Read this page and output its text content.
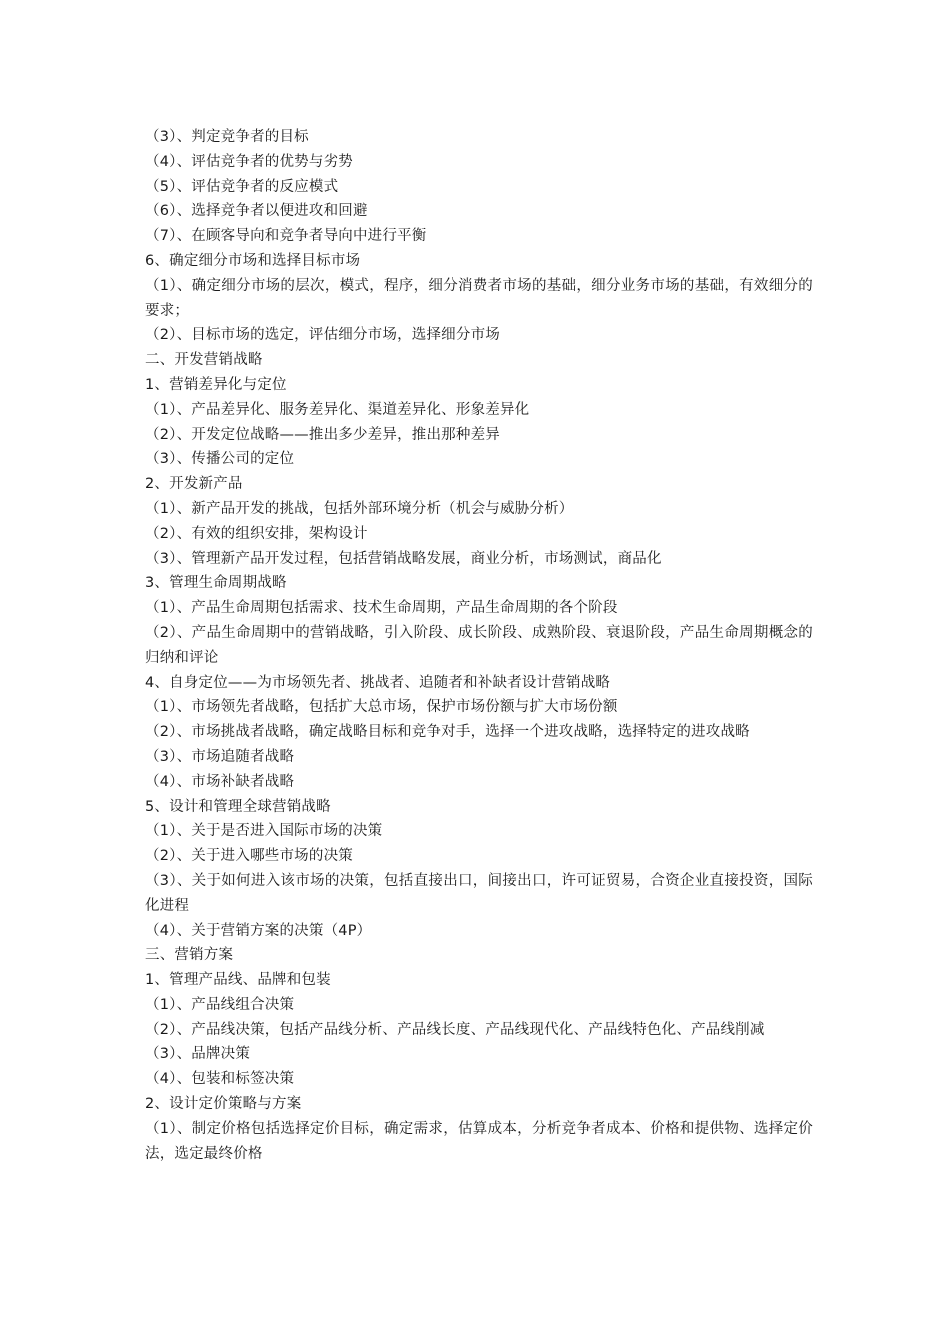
（3）、判定竞争者的目标

（4）、评估竞争者的优势与劣势

（5）、评估竞争者的反应模式

（6）、选择竞争者以便进攻和回避

（7）、在顾客导向和竞争者导向中进行平衡

6、确定细分市场和选择目标市场

（1）、确定细分市场的层次，模式，程序，细分消费者市场的基础，细分业务市场的基础，有效细分的要求；

（2）、目标市场的选定，评估细分市场，选择细分市场

二、开发营销战略

1、营销差异化与定位

（1）、产品差异化、服务差异化、渠道差异化、形象差异化

（2）、开发定位战略——推出多少差异，推出那种差异

（3）、传播公司的定位

2、开发新产品

（1）、新产品开发的挑战，包括外部环境分析（机会与威胁分析）

（2）、有效的组织安排，架构设计

（3）、管理新产品开发过程，包括营销战略发展，商业分析，市场测试，商品化

3、管理生命周期战略

（1）、产品生命周期包括需求、技术生命周期，产品生命周期的各个阶段

（2）、产品生命周期中的营销战略，引入阶段、成长阶段、成熟阶段、衰退阶段，产品生命周期概念的归纳和评论

4、自身定位——为市场领先者、挑战者、追随者和补缺者设计营销战略

（1）、市场领先者战略，包括扩大总市场，保护市场份额与扩大市场份额

（2）、市场挑战者战略，确定战略目标和竞争对手，选择一个进攻战略，选择特定的进攻战略

（3）、市场追随者战略

（4）、市场补缺者战略

5、设计和管理全球营销战略

（1）、关于是否进入国际市场的决策

（2）、关于进入哪些市场的决策

（3）、关于如何进入该市场的决策，包括直接出口，间接出口，许可证贸易，合资企业直接投资，国际化进程

（4）、关于营销方案的决策（4P）

三、营销方案

1、管理产品线、品牌和包装

（1）、产品线组合决策

（2）、产品线决策，包括产品线分析、产品线长度、产品线现代化、产品线特色化、产品线削减

（3）、品牌决策

（4）、包装和标签决策

2、设计定价策略与方案

（1）、制定价格包括选择定价目标，确定需求，估算成本，分析竞争者成本、价格和提供物、选择定价法，选定最终价格
